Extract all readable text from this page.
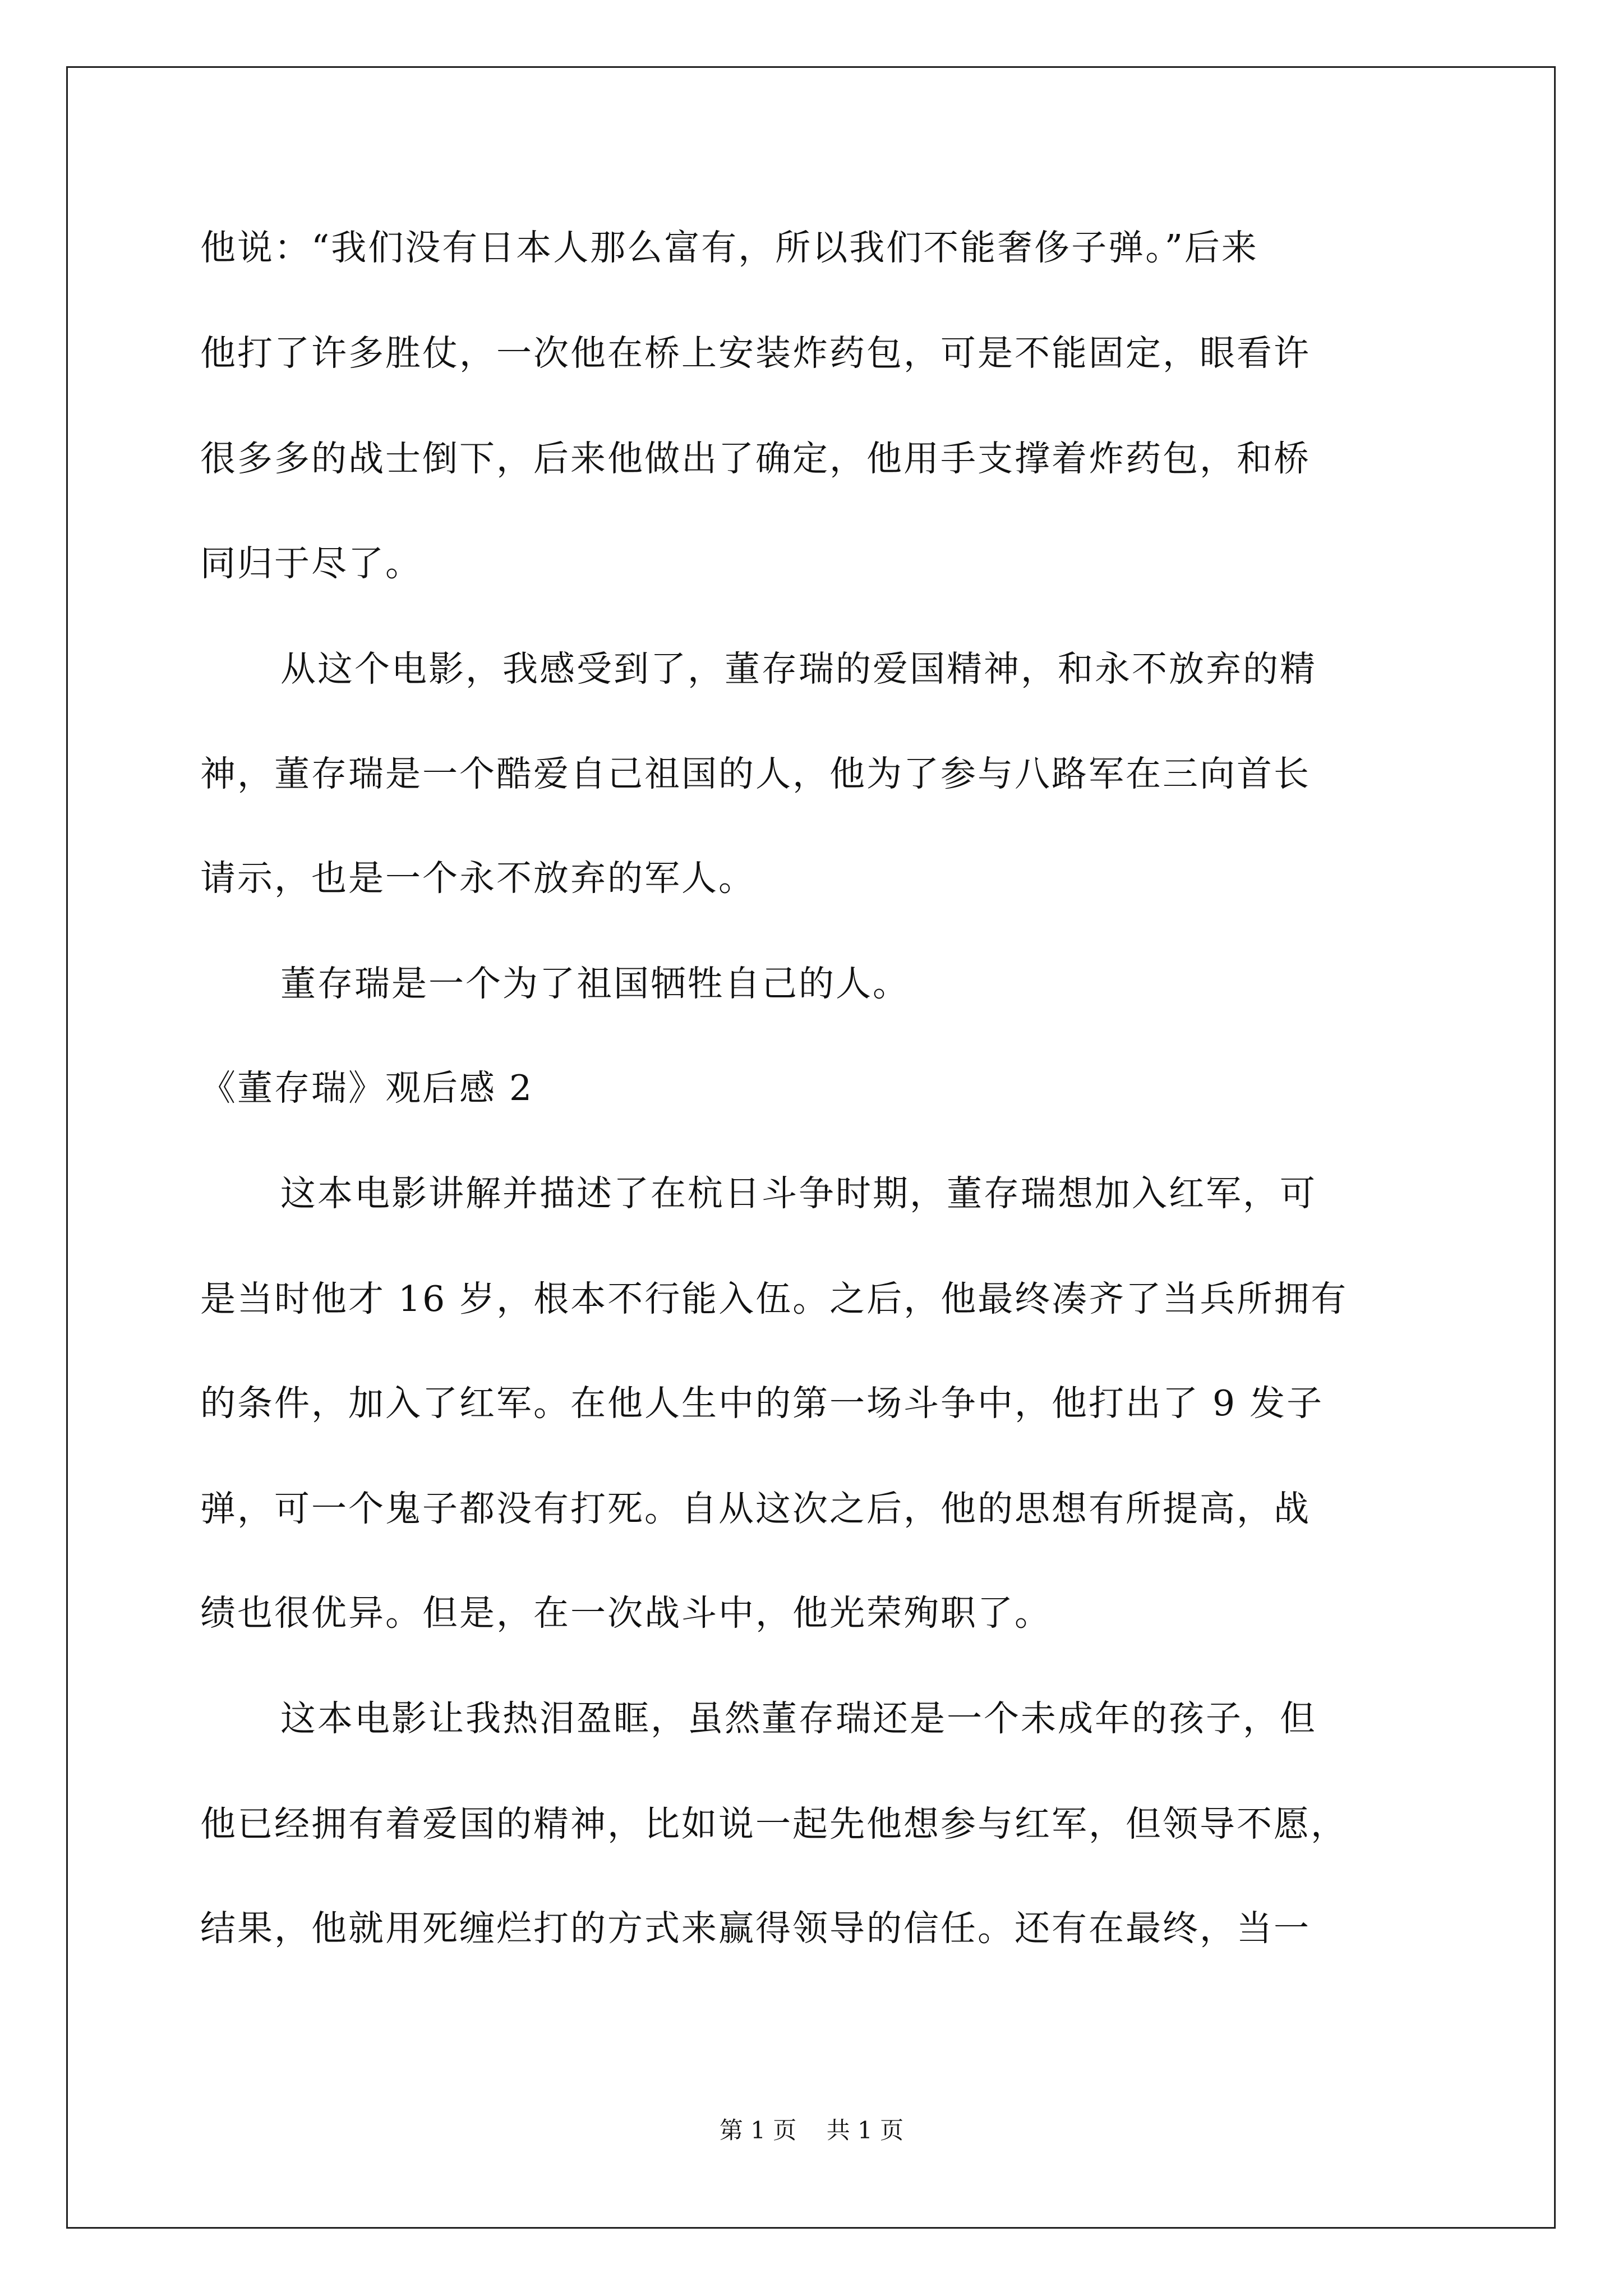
他说：“我们没有日本人那么富有，所以我们不能奢侈子弹。”后来
他打了许多胜仗，一次他在桥上安装炸药包，可是不能固定，眼看许
很多多的战士倒下，后来他做出了确定，他用手支撑着炸药包，和桥
同归于尽了。
从这个电影，我感受到了，董存瑞的爱国精神，和永不放弃的精
神，董存瑞是一个酷爱自己祖国的人，他为了参与八路军在三向首长
请示，也是一个永不放弃的军人。
董存瑞是一个为了祖国牺牲自己的人。
《董存瑞》观后感 2
这本电影讲解并描述了在杭日斗争时期，董存瑞想加入红军，可
是当时他才 16 岁，根本不行能入伍。之后，他最终凑齐了当兵所拥有
的条件，加入了红军。在他人生中的第一场斗争中，他打出了 9 发子
弹，可一个鬼子都没有打死。自从这次之后，他的思想有所提高，战
绩也很优异。但是，在一次战斗中，他光荣殉职了。
这本电影让我热泪盈眶，虽然董存瑞还是一个未成年的孩子，但
他已经拥有着爱国的精神，比如说一起先他想参与红军，但领导不愿，
结果，他就用死缠烂打的方式来赢得领导的信任。还有在最终，当一
第 1 页    共 1 页
